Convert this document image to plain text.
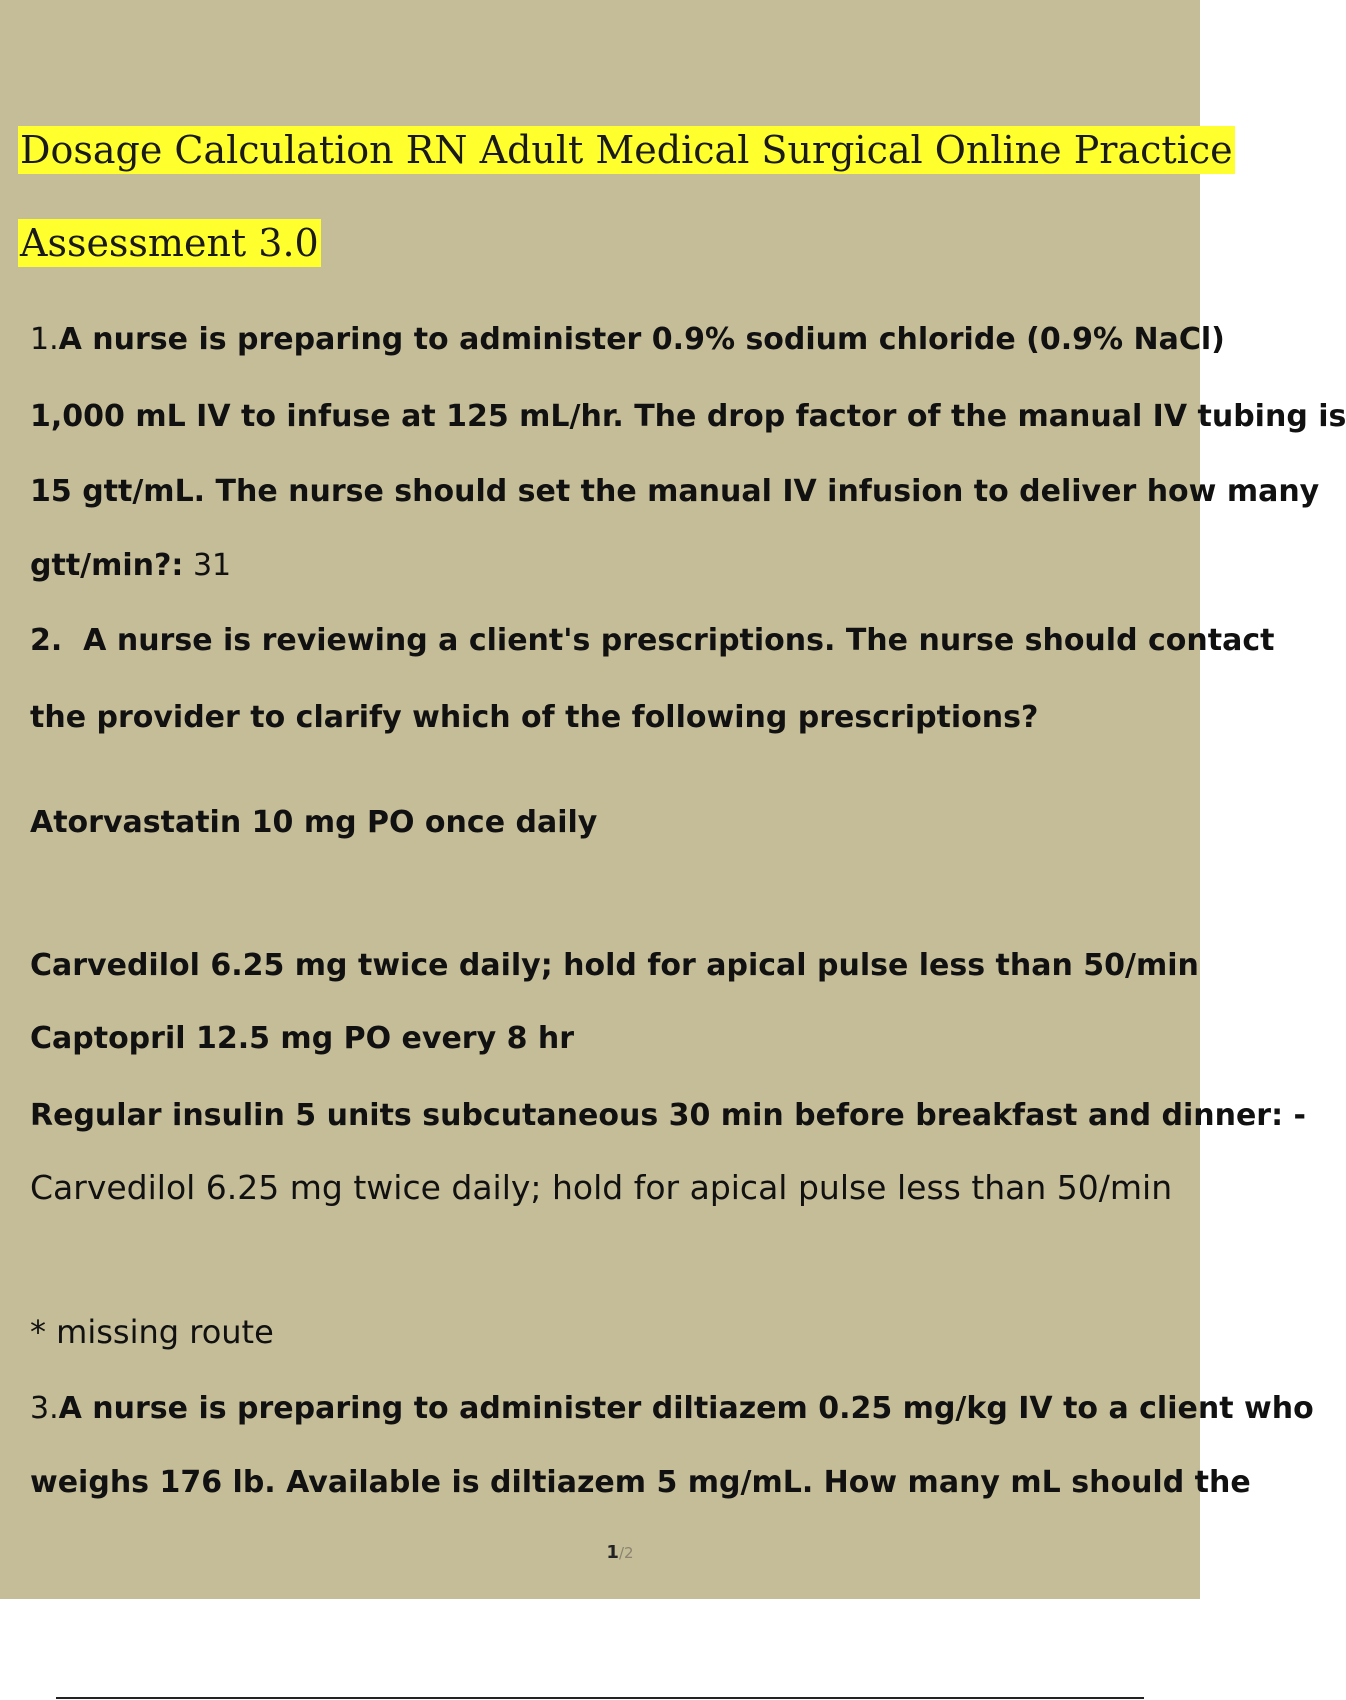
Dosage Calculation RN Adult Medical Surgical Online Practice
Assessment 3.0
1.A nurse is preparing to administer 0.9% sodium chloride (0.9% NaCl)
1,000 mL IV to infuse at 125 mL/hr. The drop factor of the manual IV tubing is
15 gtt/mL. The nurse should set the manual IV infusion to deliver how many
gtt/min?: 31
2. A nurse is reviewing a client's prescriptions. The nurse should contact
the provider to clarify which of the following prescriptions?
Atorvastatin 10 mg PO once daily
Carvedilol 6.25 mg twice daily; hold for apical pulse less than 50/min
Captopril 12.5 mg PO every 8 hr
Regular insulin 5 units subcutaneous 30 min before breakfast and dinner: -
Carvedilol 6.25 mg twice daily; hold for apical pulse less than 50/min
* missing route
3.A nurse is preparing to administer diltiazem 0.25 mg/kg IV to a client who
weighs 176 lb. Available is diltiazem 5 mg/mL. How many mL should the
1/2
